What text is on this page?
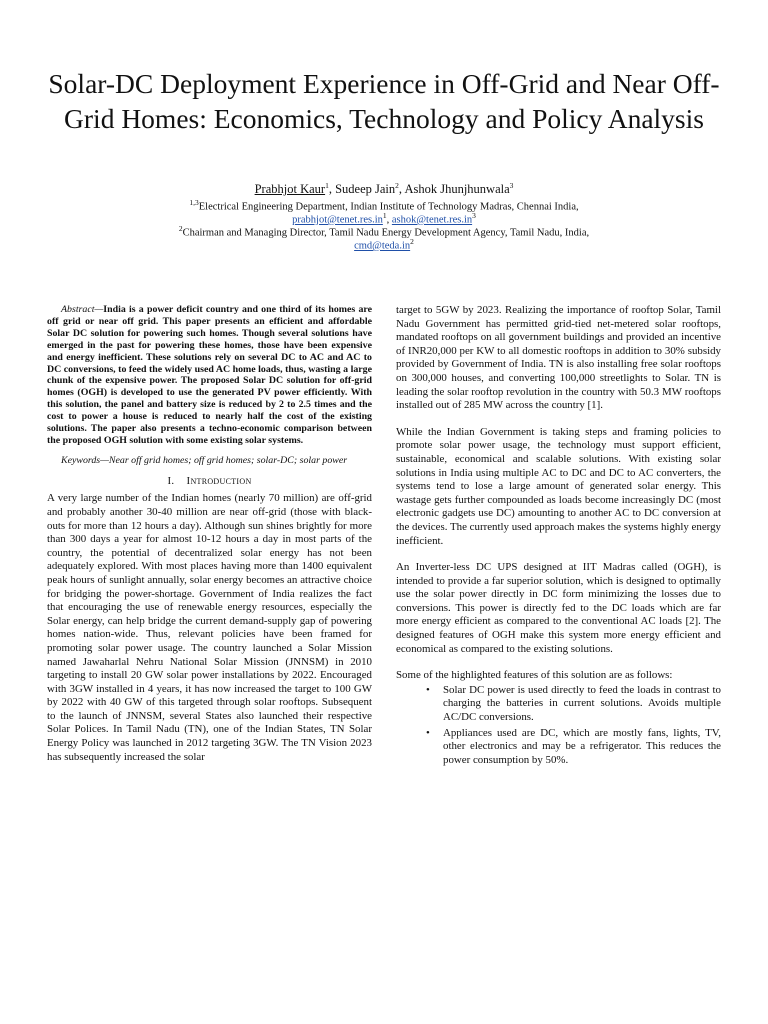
Solar-DC Deployment Experience in Off-Grid and Near Off-Grid Homes: Economics, Technology and Policy Analysis
Prabhjot Kaur$^1$, Sudeep Jain$^2$, Ashok Jhunjhunwala$^3$
$^{1,3}$Electrical Engineering Department, Indian Institute of Technology Madras, Chennai India,
$prabhjot@tenet.res.in^1$, $ashok@tenet.res.in^3$
$^2$Chairman and Managing Director, Tamil Nadu Energy Development Agency, Tamil Nadu, India,
$cmd@teda.in^2$

Abstract—India is a power deficit country and one third of its homes are off grid or near off grid. This paper presents an efficient and affordable Solar DC solution for powering such homes. Though several solutions have emerged in the past for powering these homes, those have been expensive and energy inefficient. These solutions rely on several DC to AC and AC to DC conversions, to feed the widely used AC home loads, thus, wasting a large chunk of the expensive power. The proposed Solar DC solution for off-grid homes (OGH) is developed to use the generated PV power efficiently. With this solution, the panel and battery size is reduced by 2 to 2.5 times and the cost to power a house is reduced to nearly half the cost of the existing solutions. The paper also presents a techno-economic comparison between the proposed OGH solution with some existing solar systems.

Keywords—Near off grid homes; off grid homes; solar-DC; solar power

I. Introduction

A very large number of the Indian homes (nearly 70 million) are off-grid and probably another 30-40 million are near off-grid (those with black-outs for more than 12 hours a day). Although sun shines brightly for more than 300 days a year for almost 10-12 hours a day in most parts of the country, the potential of decentralized solar energy has not been adequately explored. With most places having more than 1400 equivalent peak hours of sunlight annually, solar energy becomes an attractive choice for bridging the power-shortage. Government of India realizes the fact that encouraging the use of renewable energy resources, especially the Solar energy, can help bridge the current demand-supply gap of powering homes nation-wide. Thus, relevant policies have been framed for promoting solar power usage. The country launched a Solar Mission named Jawaharlal Nehru National Solar Mission (JNNSM) in 2010 targeting to install 20 GW solar power installations by 2022. Encouraged with 3GW installed in 4 years, it has now increased the target to 100 GW by 2022 with 40 GW of this targeted through solar rooftops. Subsequent to the launch of JNNSM, several States also launched their respective Solar Polices. In Tamil Nadu (TN), one of the Indian States, TN Solar Energy Policy was launched in 2012 targeting 3GW. The TN Vision 2023 has subsequently increased the solar

target to 5GW by 2023. Realizing the importance of rooftop Solar, Tamil Nadu Government has permitted grid-tied net-metered solar rooftops, mandated rooftops on all government buildings and provided an incentive of INR20,000 per KW to all domestic rooftops in addition to 30% subsidy provided by Government of India. TN is also installing free solar rooftops on 300,000 houses, and converting 100,000 streetlights to Solar. TN is leading the solar rooftop revolution in the country with 50.3 MW rooftops installed out of 285 MW across the country [1].

While the Indian Government is taking steps and framing policies to promote solar power usage, the technology must support efficient, sustainable, economical and scalable solutions. With existing solar solutions in India using multiple AC to DC and DC to AC converters, the systems tend to lose a large amount of generated solar energy. This wastage gets further compounded as loads become increasingly DC (most electronic gadgets use DC) amounting to another AC to DC conversion at the devices. The currently used approach makes the systems highly energy inefficient.

An Inverter-less DC UPS designed at IIT Madras called (OGH), is intended to provide a far superior solution, which is designed to optimally use the solar power directly in DC form minimizing the losses due to conversions. This power is directly fed to the DC loads which are far more energy efficient as compared to the conventional AC loads [2]. The designed features of OGH make this system more energy efficient and economical as compared to the existing solutions.

Some of the highlighted features of this solution are as follows:

• Solar DC power is used directly to feed the loads in contrast to charging the batteries in current solutions. Avoids multiple AC/DC conversions.
• Appliances used are DC, which are mostly fans, lights, TV, other electronics and may be a refrigerator. This reduces the power consumption by 50%.
